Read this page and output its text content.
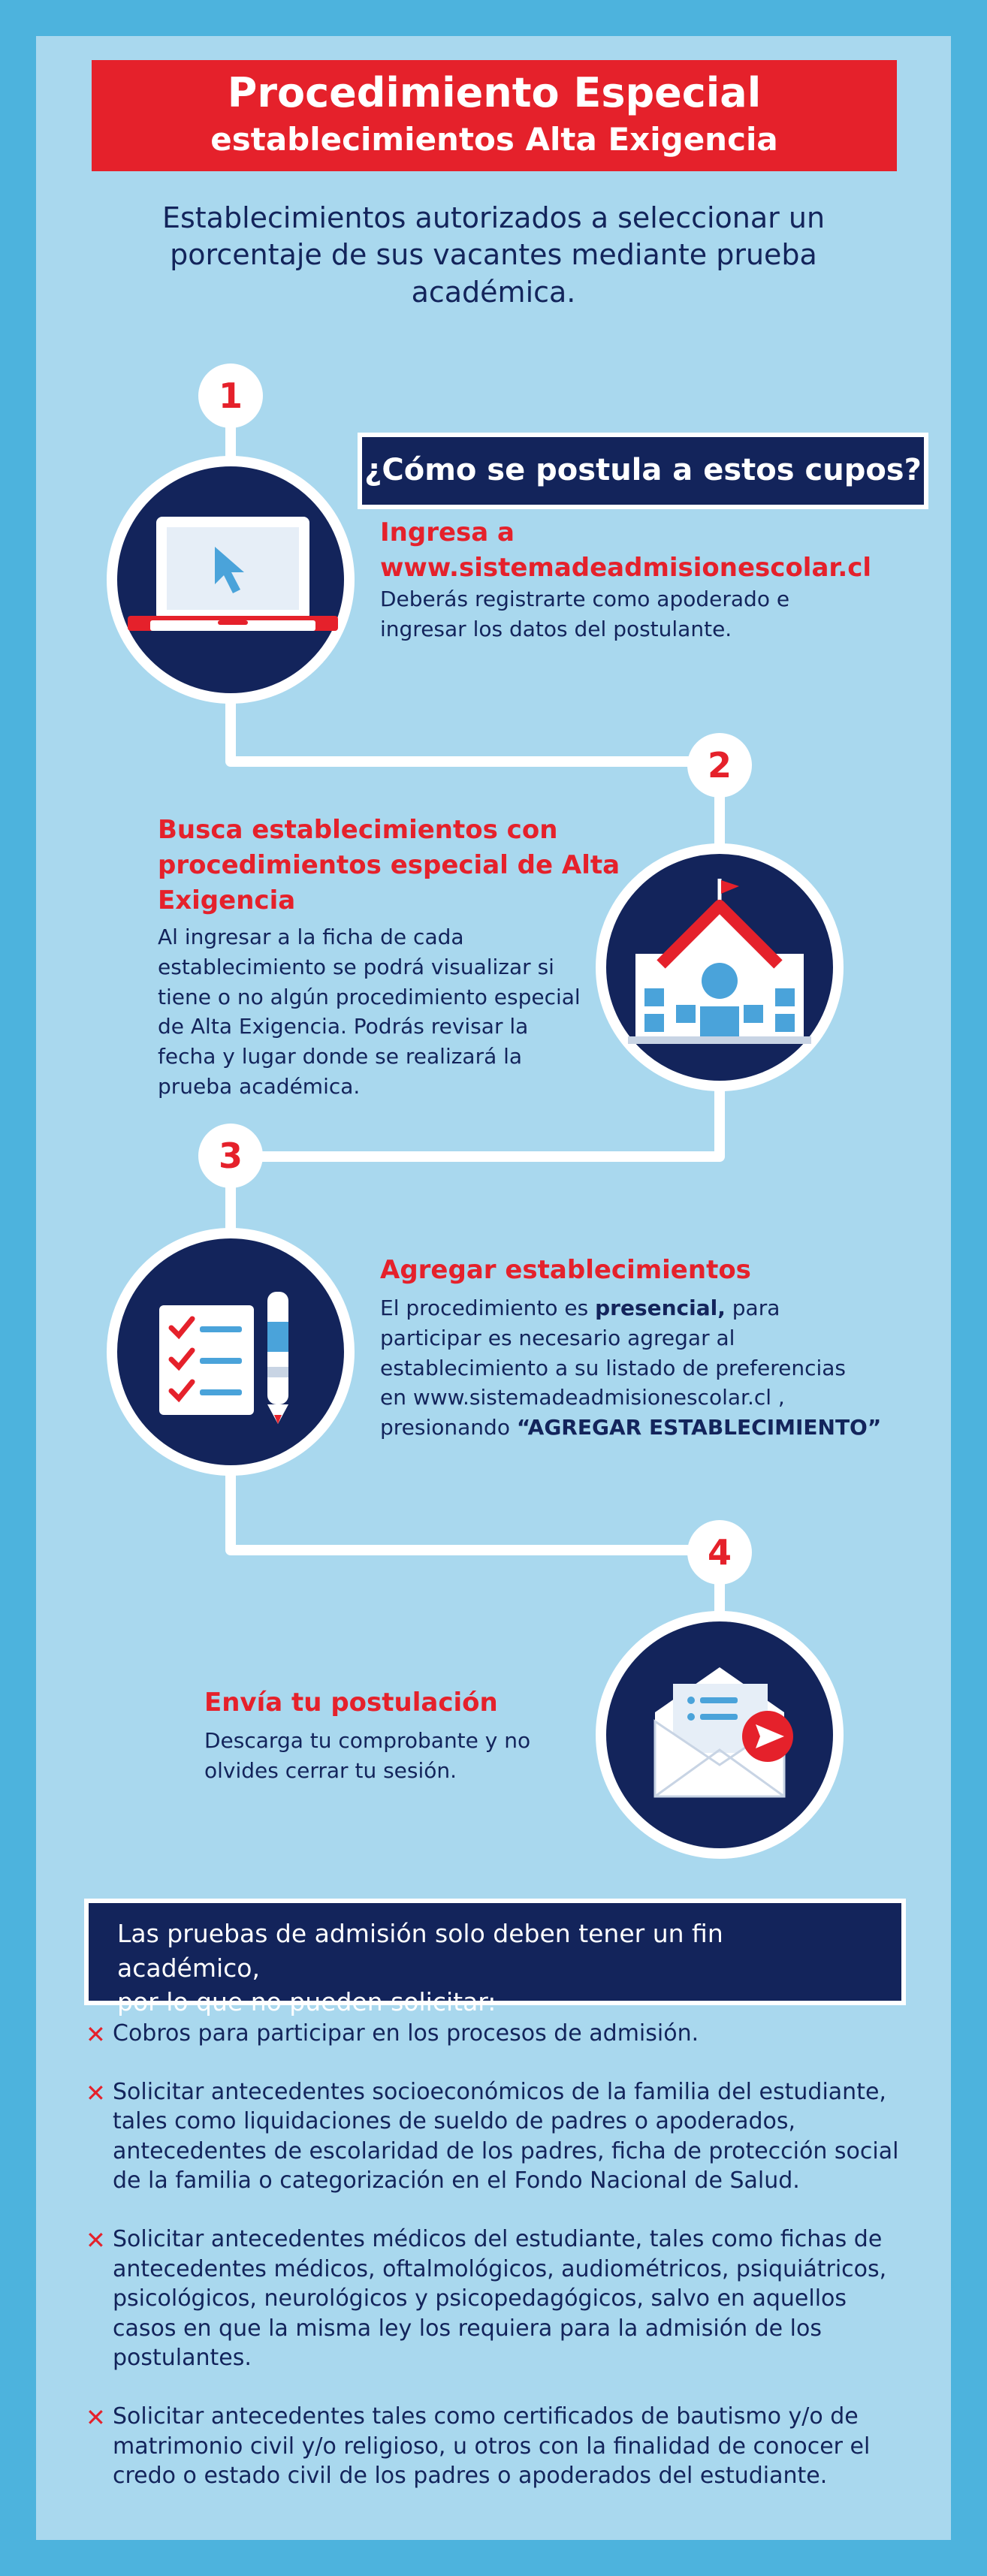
Procedimiento Especial
establecimientos Alta Exigencia
Establecimientos autorizados a seleccionar un porcentaje de sus vacantes mediante prueba académica.
1
2
3
4
¿Cómo se postula a estos cupos?
Ingresa a
www.sistemadeadmisionescolar.cl
Deberás registrarte como apoderado e
ingresar los datos del postulante.
Busca establecimientos con
procedimientos especial de Alta
Exigencia
Al ingresar a la ficha de cada
establecimiento se podrá visualizar si
tiene o no algún procedimiento especial
de Alta Exigencia. Podrás revisar la
fecha y lugar donde se realizará la
prueba académica.
Agregar establecimientos
El procedimiento es presencial, para
participar es necesario agregar al
establecimiento a su listado de preferencias
en www.sistemadeadmisionescolar.cl ,
presionando “AGREGAR ESTABLECIMIENTO”
Envía tu postulación
Descarga tu comprobante y no
olvides cerrar tu sesión.
Las pruebas de admisión solo deben tener un fin académico,
por lo que no pueden solicitar:
✕ Cobros para participar en los procesos de admisión.
✕ Solicitar antecedentes socioeconómicos de la familia del estudiante,
tales como liquidaciones de sueldo de padres o apoderados,
antecedentes de escolaridad de los padres, ficha de protección social
de la familia o categorización en el Fondo Nacional de Salud.
✕ Solicitar antecedentes médicos del estudiante, tales como fichas de
antecedentes médicos, oftalmológicos, audiométricos, psiquiátricos,
psicológicos, neurológicos y psicopedagógicos, salvo en aquellos
casos en que la misma ley los requiera para la admisión de los
postulantes.
✕ Solicitar antecedentes tales como certificados de bautismo y/o de
matrimonio civil y/o religioso, u otros con la finalidad de conocer el
credo o estado civil de los padres o apoderados del estudiante.
